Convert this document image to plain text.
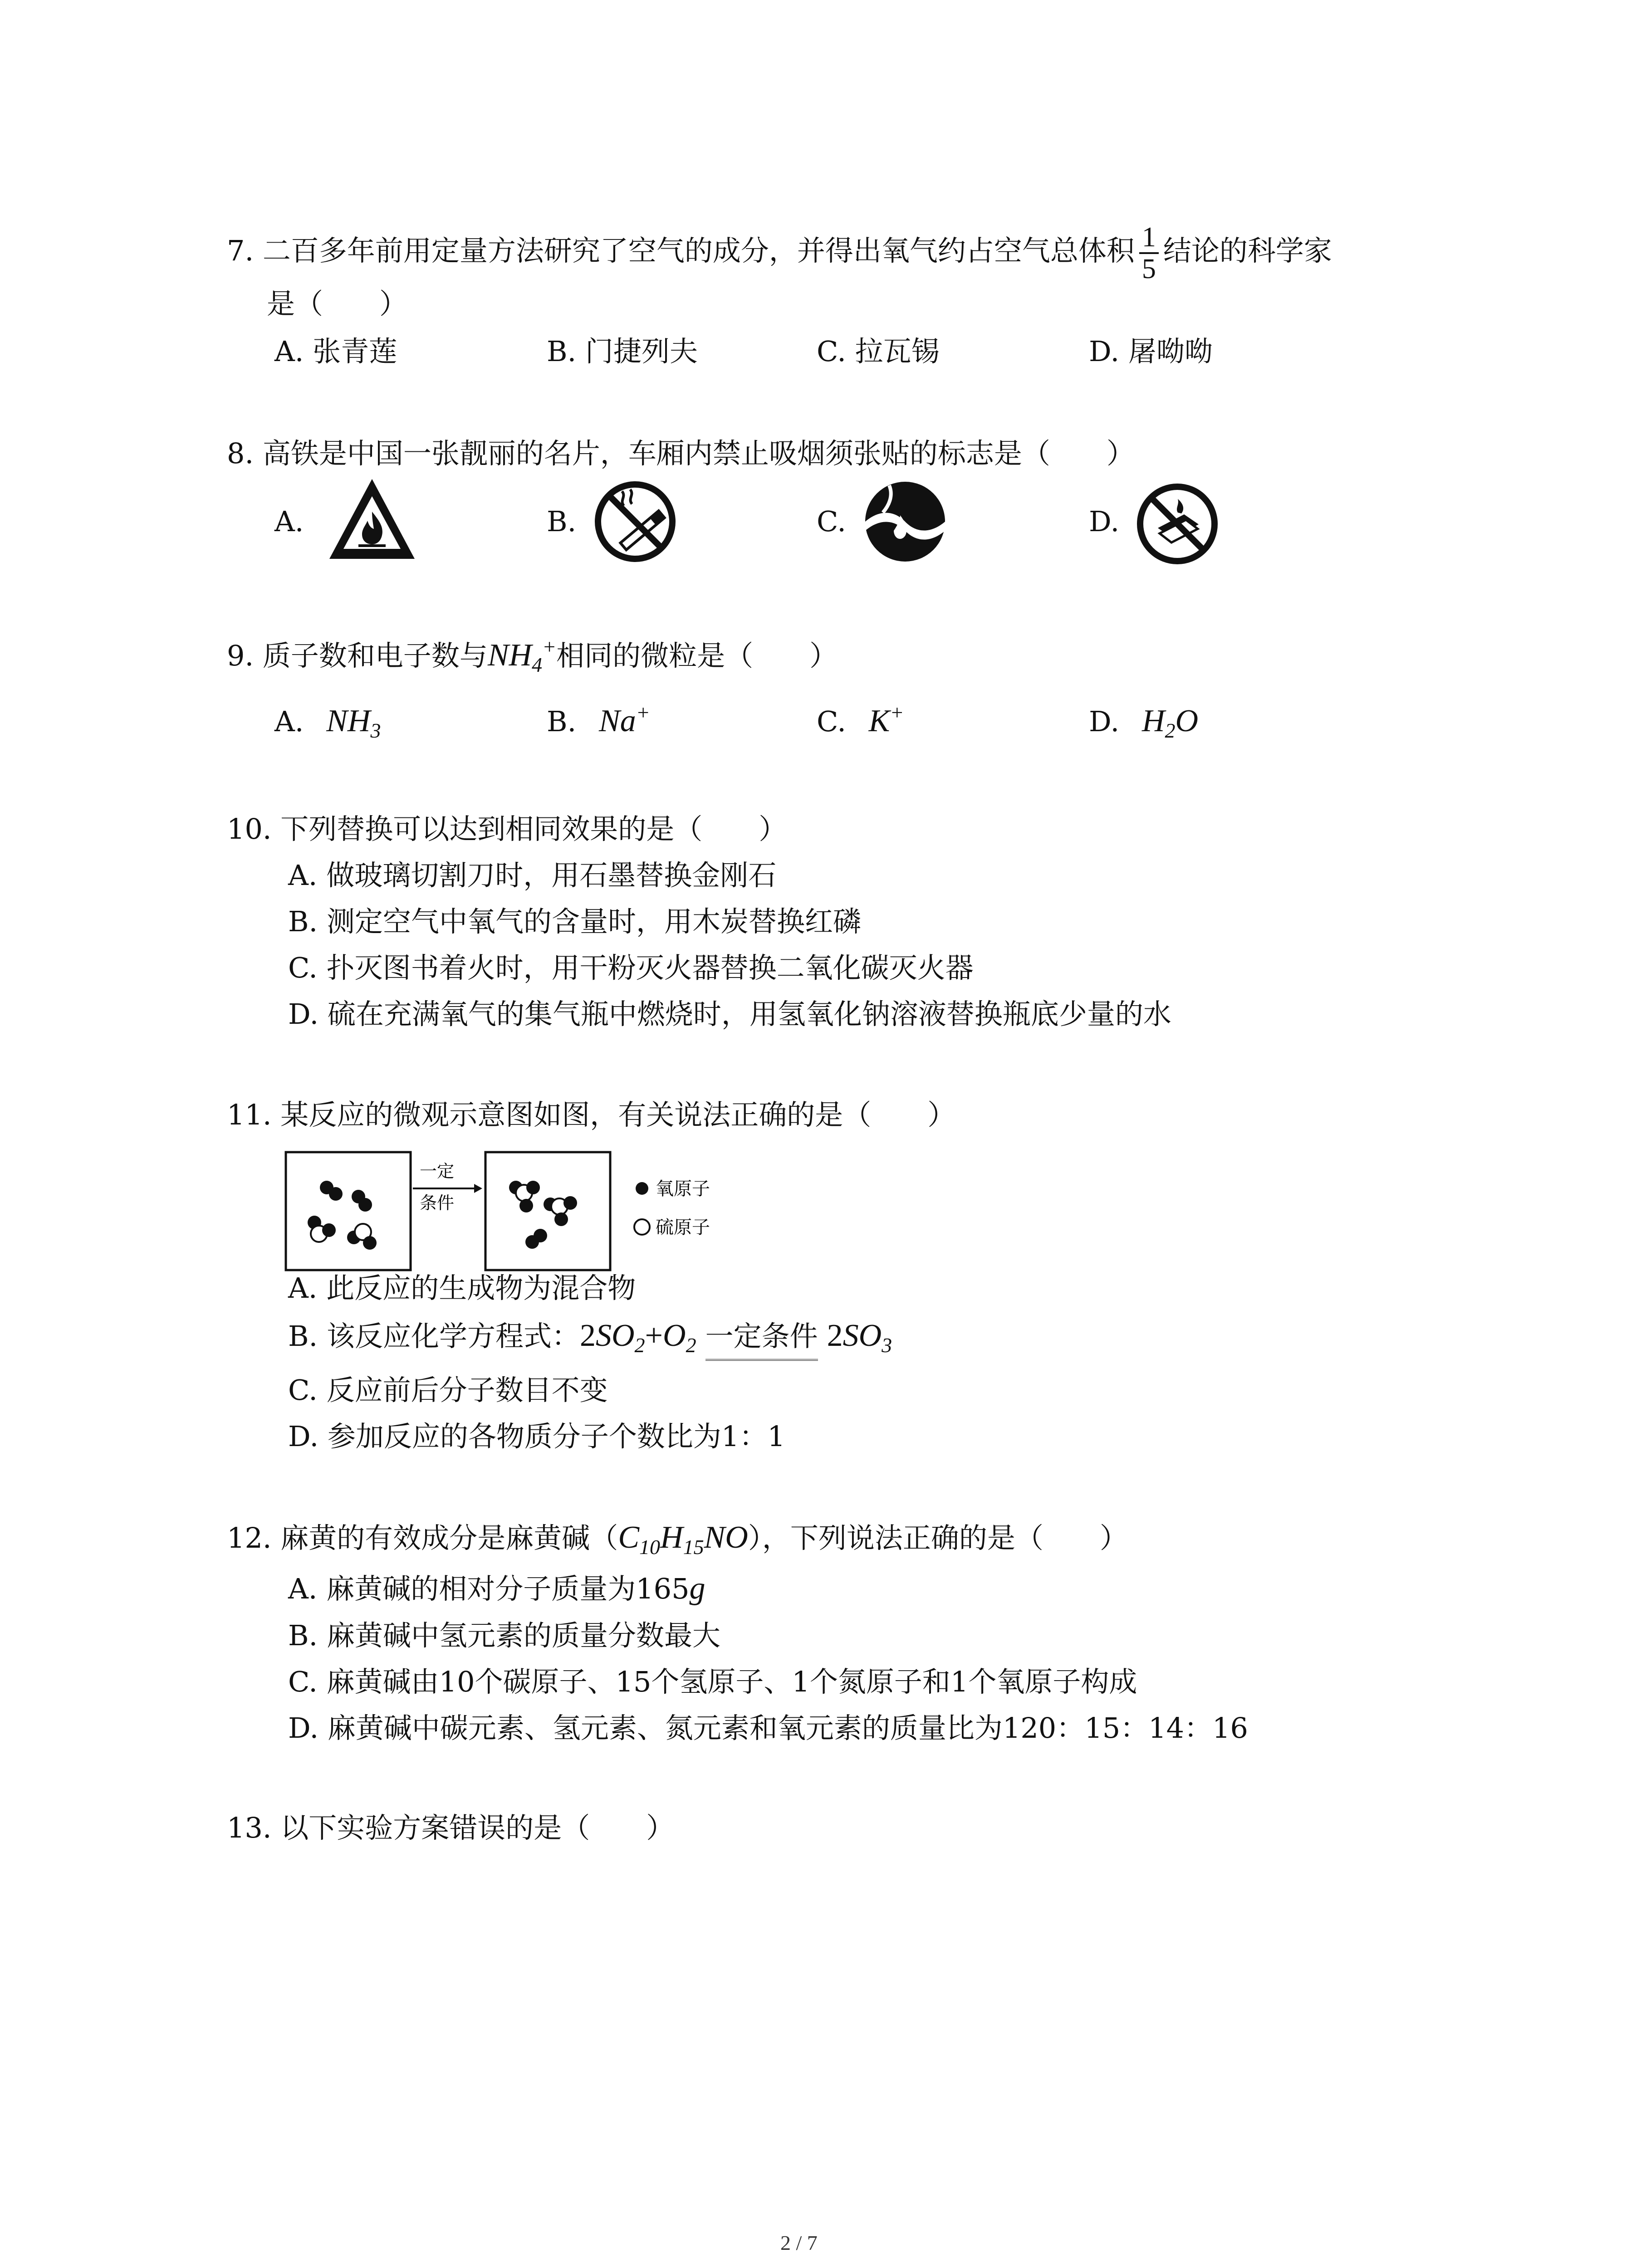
7. 二百多年前用定量方法研究了空气的成分，并得出氧气约占空气总体积 $\frac{1}{5}$ 结论的科学家
是（　　）
A. 张青莲	B. 门捷列夫	C. 拉瓦锡	D. 屠呦呦
8. 高铁是中国一张靓丽的名片，车厢内禁止吸烟须张贴的标志是（　　）
A.	B.	C.	D.
9. 质子数和电子数与$NH_4^+$相同的微粒是（　　）
A. $NH_3$	B. Na+	C. K+	D. $H_2O$
10. 下列替换可以达到相同效果的是（　　）
A. 做玻璃切割刀时，用石墨替换金刚石
B. 测定空气中氧气的含量时，用木炭替换红磷
C. 扑灭图书着火时，用干粉灭火器替换二氧化碳灭火器
D. 硫在充满氧气的集气瓶中燃烧时，用氢氧化钠溶液替换瓶底少量的水
11. 某反应的微观示意图如图，有关说法正确的是（　　）
一定
条件
氧原子
硫原子
A. 此反应的生成物为混合物
B. 该反应化学方程式：$2SO_2+O_2$ 一定条件 $2SO_3$
C. 反应前后分子数目不变
D. 参加反应的各物质分子个数比为1：1
12. 麻黄的有效成分是麻黄碱$(C_{10}H_{15}NO)$，下列说法正确的是（　　）
A. 麻黄碱的相对分子质量为165g
B. 麻黄碱中氢元素的质量分数最大
C. 麻黄碱由10个碳原子、15个氢原子、1个氮原子和1个氧原子构成
D. 麻黄碱中碳元素、氢元素、氮元素和氧元素的质量比为120：15：14：16
13. 以下实验方案错误的是（　　）
2 / 7
